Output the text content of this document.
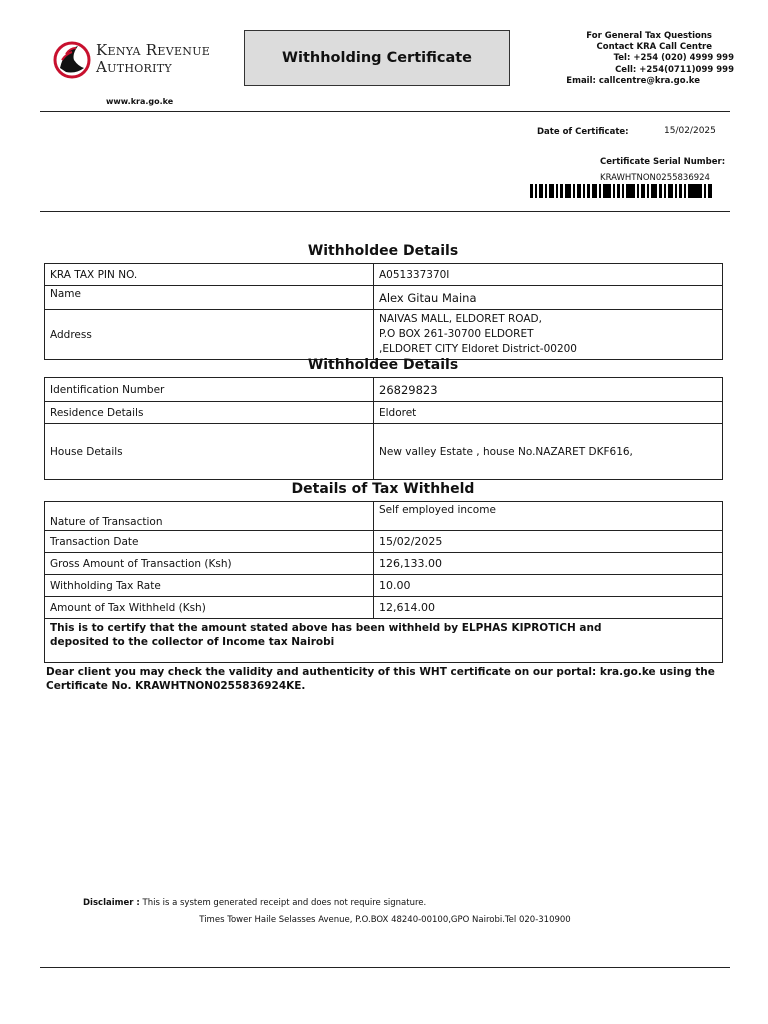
Kenya Revenue
Authority	Withholding Certificate
For General Tax Questions
Contact KRA Call Centre
Tel: +254 (020) 4999 999
Cell: +254(0711)099 999
Email: callcentre@kra.go.ke
www.kra.go.ke
Date of Certificate:	15/02/2025
Certificate Serial Number:
KRAWHTNON0255836924
Withholdee Details
KRA TAX PIN NO.	A051337370I
Name	Alex Gitau Maina
Address	NAIVAS MALL, ELDORET ROAD,
P.O BOX 261-30700 ELDORET
,ELDORET CITY Eldoret District-00200
Withholdee Details
Identification Number	26829823
Residence Details	Eldoret
House Details	New valley Estate , house No.NAZARET DKF616,
Details of Tax Withheld
Nature of Transaction	Self employed income
Transaction Date	15/02/2025
Gross Amount of Transaction (Ksh)	126,133.00
Withholding Tax Rate	10.00
Amount of Tax Withheld (Ksh)	12,614.00
This is to certify that the amount stated above has been withheld by ELPHAS KIPROTICH and deposited to the collector of Income tax Nairobi	
Dear client you may check the validity and authenticity of this WHT certificate on our portal: kra.go.ke using the Certificate No. KRAWHTNON0255836924KE.
Disclaimer : This is a system generated receipt and does not require signature.
Times Tower Haile Selasses Avenue, P.O.BOX 48240-00100,GPO Nairobi.Tel 020-310900
